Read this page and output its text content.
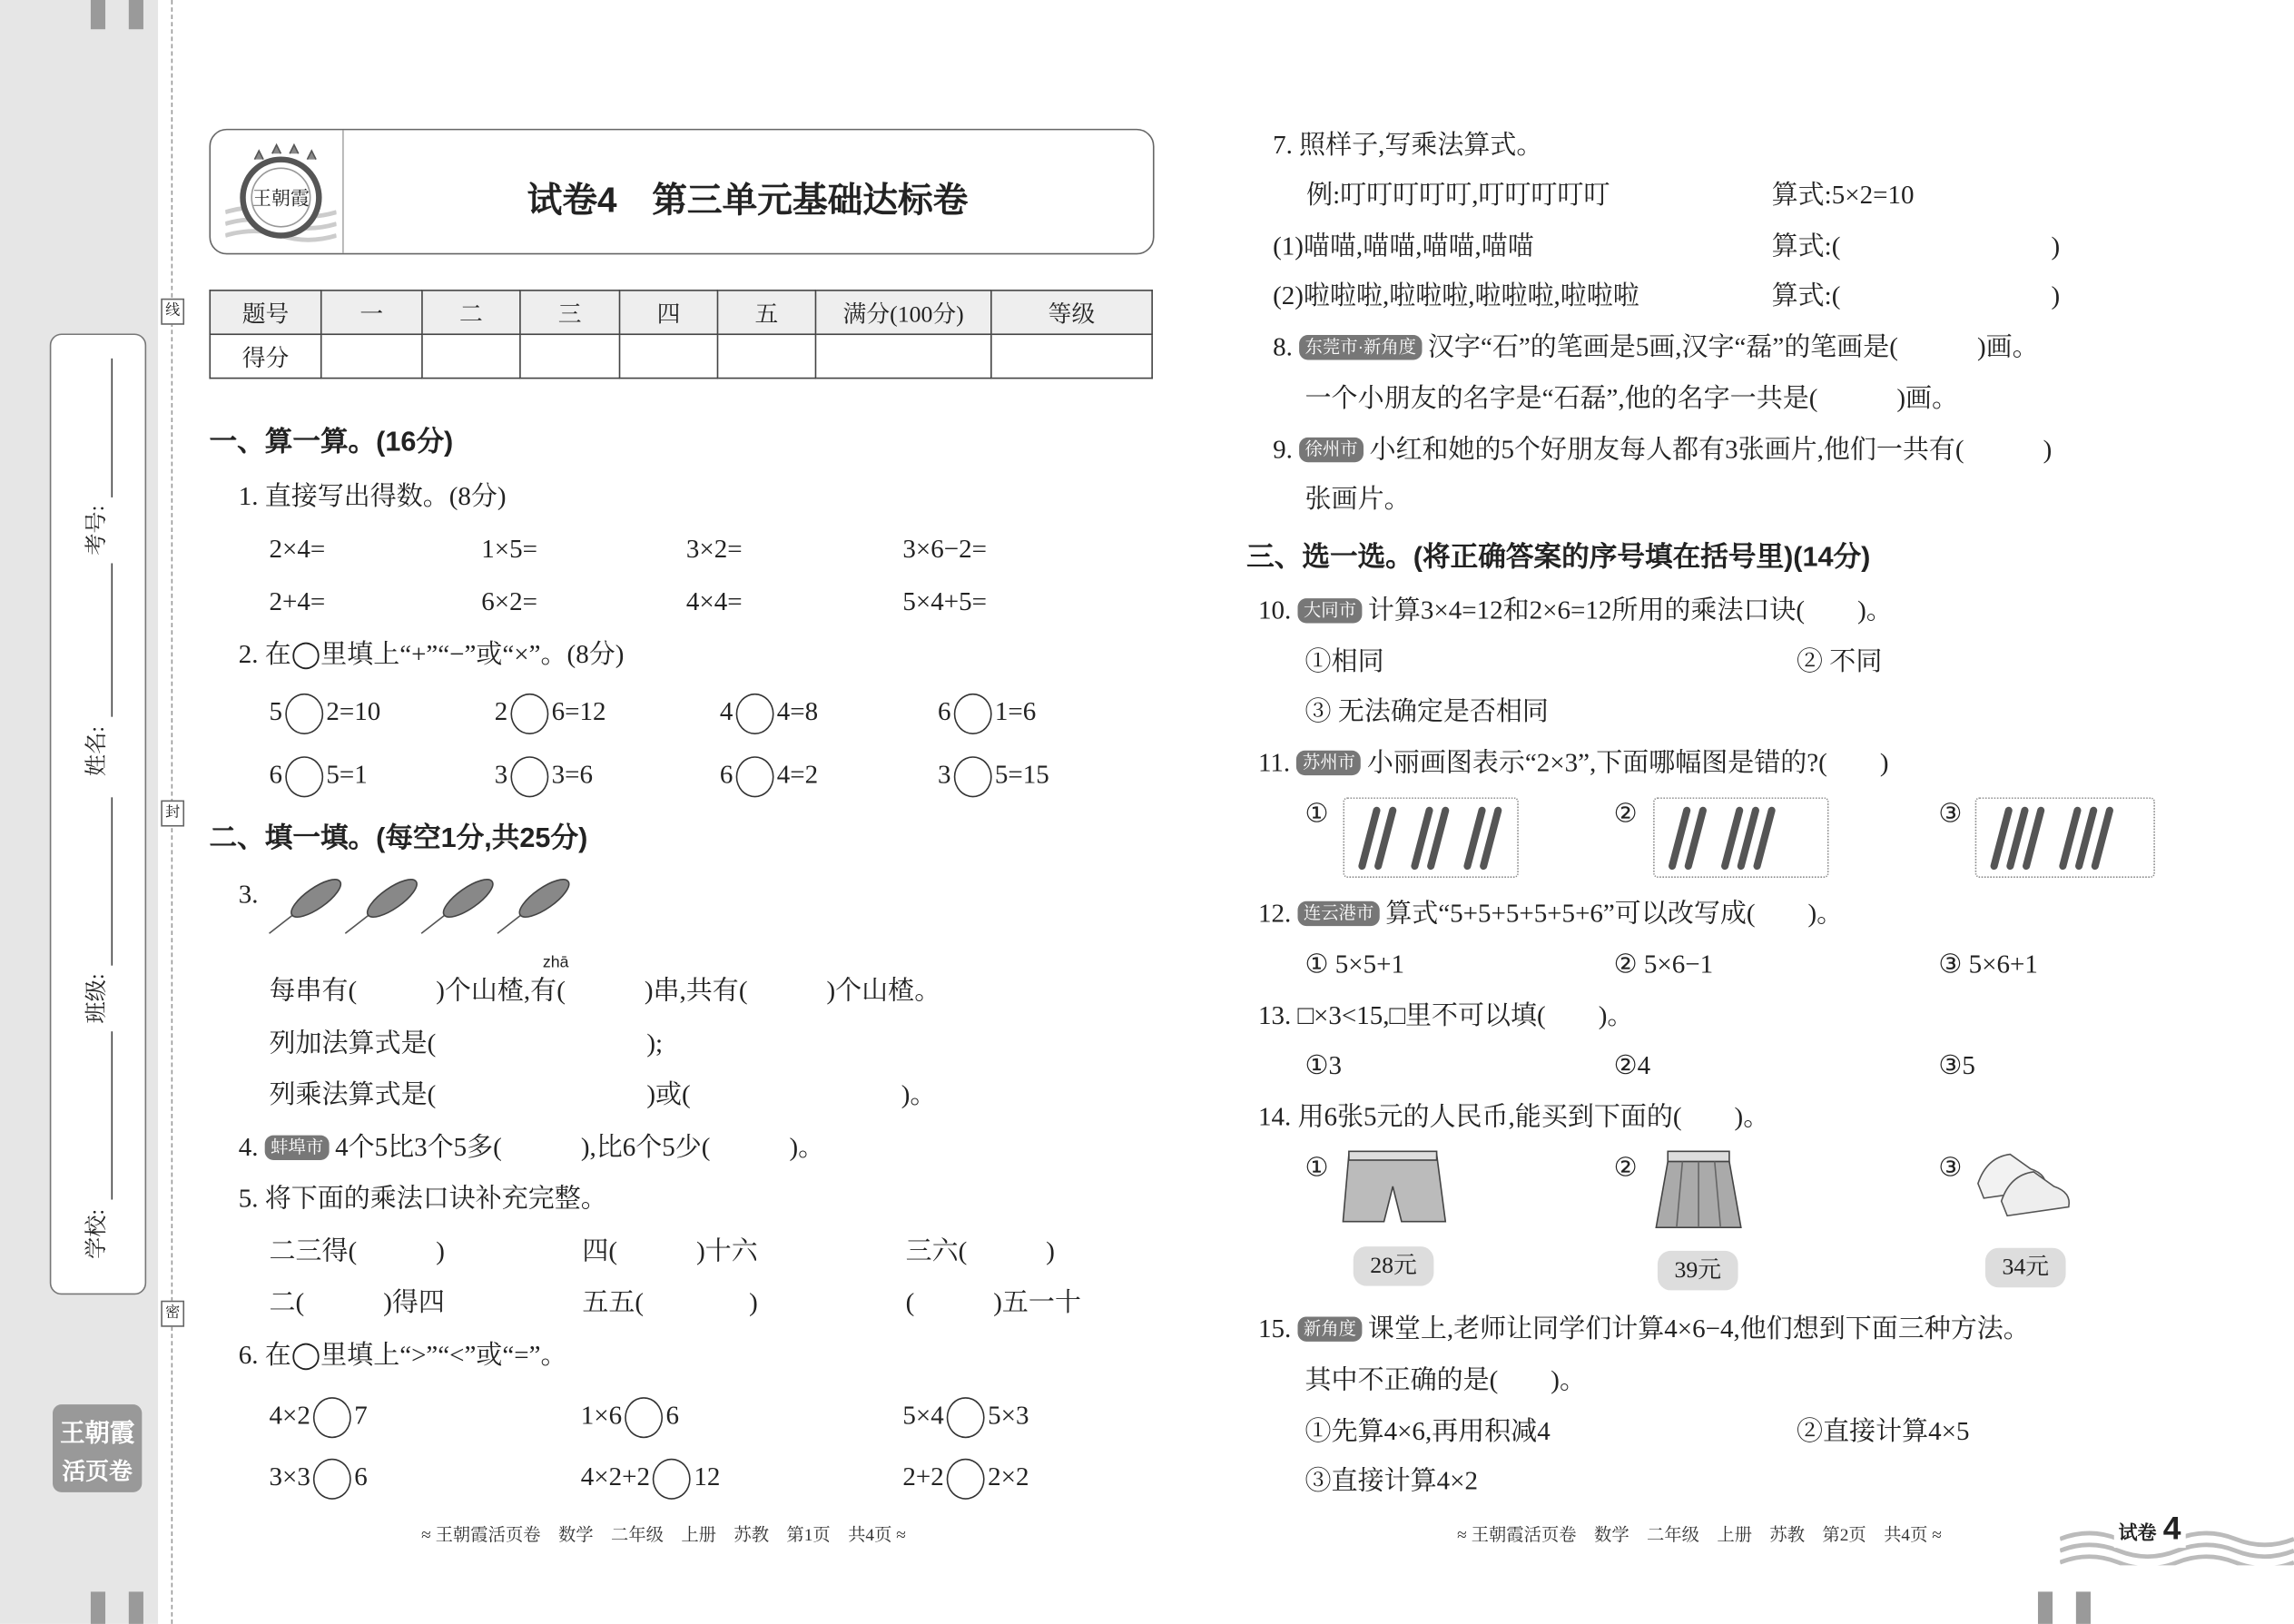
线
封
密
考号:
姓名:
班级:
学校:
王朝霞
活页卷
王朝霞	试卷4　第三单元基础达标卷
题号	一	二	三	四	五	满分(100分)	等级
得分							
一、算一算。(16分)
1. 直接写出得数。(8分)
2×4=	1×5=	3×2=	3×6−2=
2+4=	6×2=	4×4=	5×4+5=
2. 在◯里填上“+”“−”或“×”。(8分)
二、填一填。(每空1分,共25分)
3.
zhā
每串有(　　　)个山楂,有(　　　)串,共有(　　　)个山楂。
列加法算式是(　　　　　　　　);
列乘法算式是(　　　　　　　　)或(　　　　　　　　)。
4. 蚌埠市 4个5比3个5多(　　　),比6个5少(　　　)。
5. 将下面的乘法口诀补充完整。
二三得(　　　)	四(　　　)十六	三六(　　　)
二(　　　)得四	五五(　　　　)	(　　　)五一十
6. 在◯里填上“>”“<”或“=”。
≈ 王朝霞活页卷　数学　二年级　上册　苏教　第1页　共4页 ≈
7. 照样子,写乘法算式。
例:叮叮叮叮叮,叮叮叮叮叮	算式:5×2=10
(1)喵喵,喵喵,喵喵,喵喵	算式:(　　　　　　　　)
(2)啦啦啦,啦啦啦,啦啦啦,啦啦啦	算式:(　　　　　　　　)
8. 东莞市·新角度 汉字“石”的笔画是5画,汉字“磊”的笔画是(　　　)画。
一个小朋友的名字是“石磊”,他的名字一共是(　　　)画。
9. 徐州市 小红和她的5个好朋友每人都有3张画片,他们一共有(　　　)
张画片。
三、选一选。(将正确答案的序号填在括号里)(14分)
10. 大同市 计算3×4=12和2×6=12所用的乘法口诀(　　)。
①相同	② 不同
③ 无法确定是否相同
11. 苏州市 小丽画图表示“2×3”,下面哪幅图是错的?(　　)
①	②	③
12. 连云港市 算式“5+5+5+5+5+6”可以改写成(　　)。
① 5×5+1	② 5×6−1	③ 5×6+1
13. □×3<15,□里不可以填(　　)。
①3	②4	③5
14. 用6张5元的人民币,能买到下面的(　　)。
①	②	③
28元	39元	34元
15. 新角度 课堂上,老师让同学们计算4×6−4,他们想到下面三种方法。
其中不正确的是(　　)。
①先算4×6,再用积减4	②直接计算4×5
③直接计算4×2
≈ 王朝霞活页卷　数学　二年级　上册　苏教　第2页　共4页 ≈	试卷 4
5	2=10	2	6=12	4	4=8	6	1=6
6	5=1	3	3=6	6	4=2	3	5=15
4×2	7	1×6	6	5×4	5×3
3×3	6	4×2+2	12	2+2	2×2
